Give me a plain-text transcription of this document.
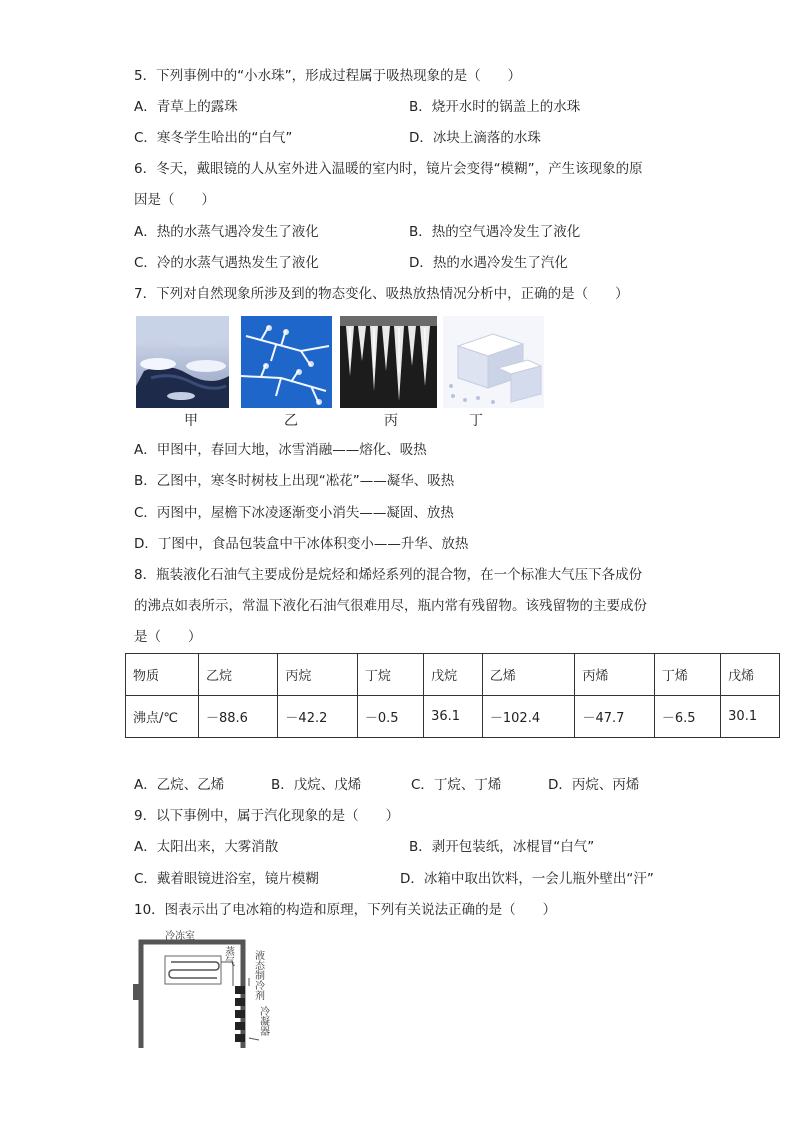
5．下列事例中的“小水珠”，形成过程属于吸热现象的是（　　）
A．青草上的露珠	B．烧开水时的锅盖上的水珠
C．寒冬学生哈出的“白气”	D．冰块上滴落的水珠
6．冬天，戴眼镜的人从室外进入温暖的室内时，镜片会变得“模糊”，产生该现象的原
因是（　　）
A．热的水蒸气遇冷发生了液化	B．热的空气遇冷发生了液化
C．冷的水蒸气遇热发生了液化	D．热的水遇冷发生了汽化
7．下列对自然现象所涉及到的物态变化、吸热放热情况分析中，正确的是（　　）
甲	乙	丙	丁
A．甲图中，春回大地，冰雪消融——熔化、吸热
B．乙图中，寒冬时树枝上出现“凇花”——凝华、吸热
C．丙图中，屋檐下冰凌逐渐变小消失——凝固、放热
D．丁图中，食品包装盒中干冰体积变小——升华、放热
8．瓶装液化石油气主要成份是烷烃和烯烃系列的混合物，在一个标准大气压下各成份
的沸点如表所示，常温下液化石油气很难用尽，瓶内常有残留物。该残留物的主要成份
是（　　）
物质	乙烷	丙烷	丁烷	戊烷	乙烯	丙烯	丁烯	戊烯
沸点/℃	－88.6	－42.2	－0.5	36.1	－102.4	－47.7	－6.5	30.1
A．乙烷、乙烯	B．戊烷、戊烯	C．丁烷、丁烯	D．丙烷、丙烯
9．以下事例中，属于汽化现象的是（　　）
A．太阳出来，大雾消散	B．剥开包装纸，冰棍冒“白气”
C．戴着眼镜进浴室，镜片模糊	D．冰箱中取出饮料，一会儿瓶外壁出“汗”
10．图表示出了电冰箱的构造和原理，下列有关说法正确的是（　　）
冷冻室
蒸气 液态制冷剂
冷凝器
